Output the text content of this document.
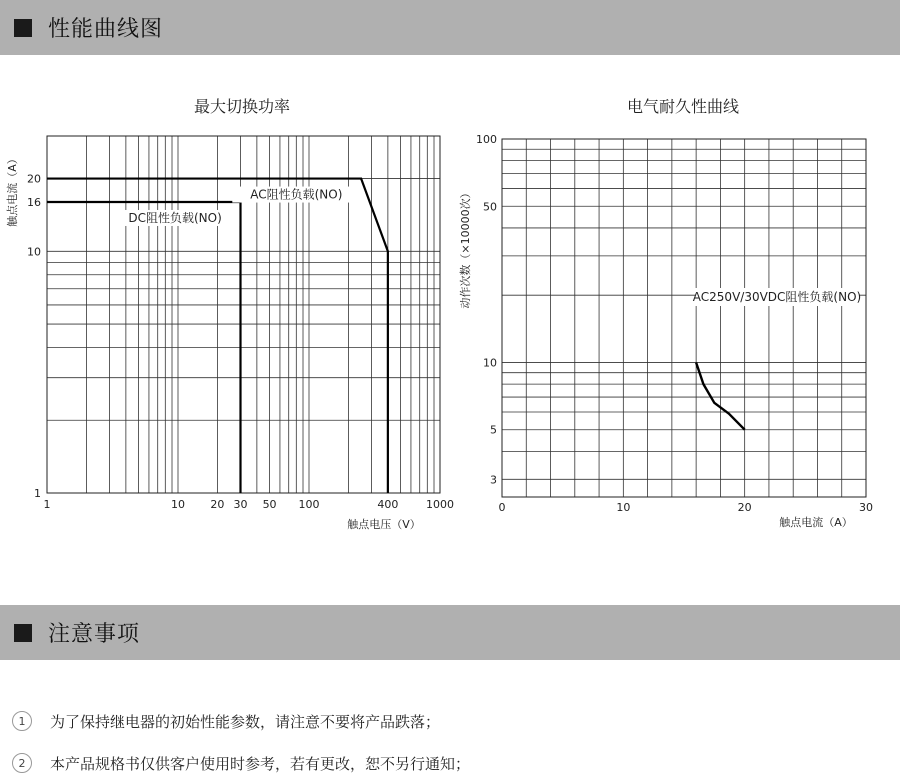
性能曲线图
最大切换功率	电气耐久性曲线
AC阻性负载(NO)
DC阻性负载(NO)
1	10 20 30 50 100	400	1000
1
10
16
20
触点电压（V）
触点电流（A）
AC250V/30VDC阻性负载(NO)
0	10	20	30
3
5
10
50
100
触点电流（A）
动作次数（×10000次）
注意事项
1	为了保持继电器的初始性能参数，请注意不要将产品跌落；
2	本产品规格书仅供客户使用时参考，若有更改，恕不另行通知；
